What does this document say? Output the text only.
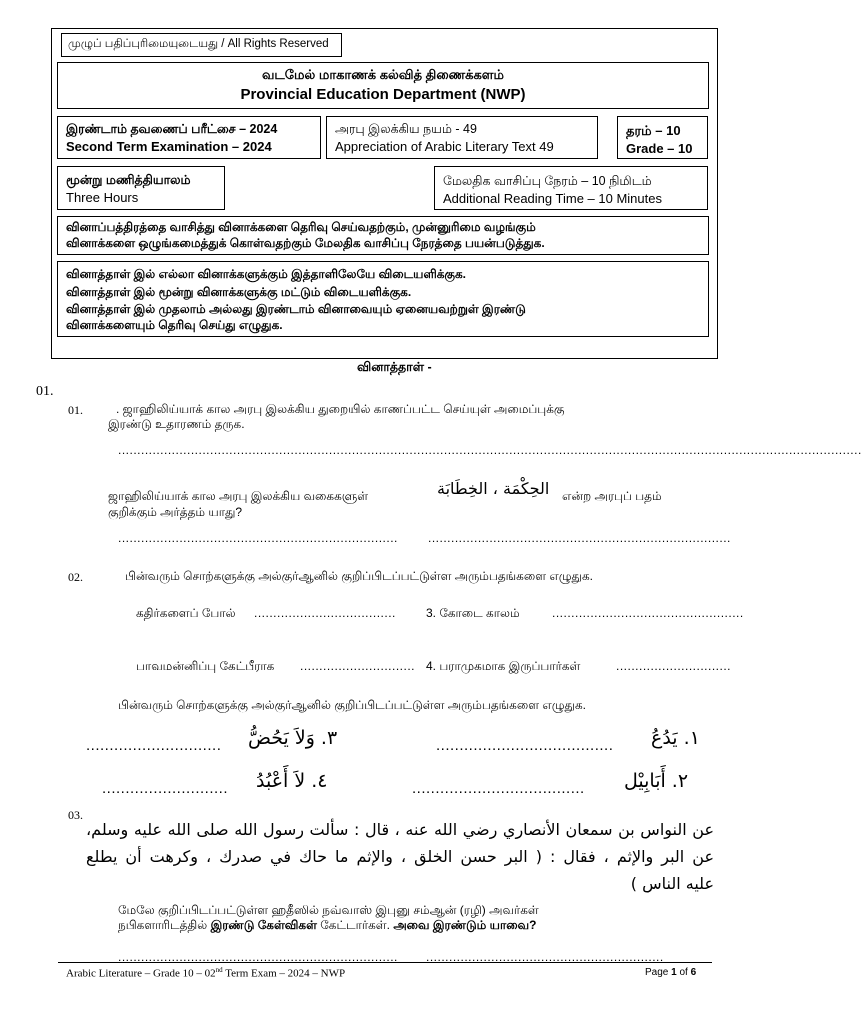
முழுப் பதிப்புரிமையுடையது / All Rights Reserved
வடமேல் மாகாணக் கல்வித் திணைக்களம்
Provincial Education Department (NWP)
இரண்டாம் தவணைப் பரீட்சை – 2024
Second Term Examination – 2024
அரபு இலக்கிய நயம் - 49
Appreciation of Arabic Literary Text 49
தரம் – 10
Grade – 10
மூன்று மணித்தியாலம்
Three Hours
மேலதிக வாசிப்பு நேரம் – 10 நிமிடம்
Additional Reading Time – 10 Minutes
வினாப்பத்திரத்தை வாசித்து வினாக்களை தெரிவு செய்வதற்கும், முன்னுரிமை வழங்கும்
வினாக்களை ஒழுங்கமைத்துக் கொள்வதற்கும் மேலதிக வாசிப்பு நேரத்தை பயன்படுத்துக.
வினாத்தாள் இல் எல்லா வினாக்களுக்கும் இத்தாளிலேயே விடையளிக்குக.
வினாத்தாள் இல் மூன்று வினாக்களுக்கு மட்டும் விடையளிக்குக.
வினாத்தாள் இல் முதலாம் அல்லது இரண்டாம் வினாவையும் ஏனையவற்றுள் இரண்டு
வினாக்களையும் தெரிவு செய்து எழுதுக.
வினாத்தாள் -
01.
01.	. ஜாஹிலிய்யாக் கால அரபு இலக்கிய துறையில் காணப்பட்ட செய்யுள் அமைப்புக்கு
இரண்டு உதாரணம் தருக.
..................................................................................................................................................................................................
ஜாஹிலிய்யாக் கால அரபு இலக்கிய வகைகளுள்	الحِكْمَة ، الخِطَابَة என்ற அரபுப் பதம்
குறிக்கும் அர்த்தம் யாது?
.........................................................................	...............................................................................
02.	பின்வரும் சொற்களுக்கு அல்குர்ஆனில் குறிப்பிடப்பட்டுள்ள அரும்பதங்களை எழுதுக.
கதிர்களைப் போல் .....................................	3. கோடை காலம்	..................................................
பாவமன்னிப்பு கேட்பீராக .............................. 4. பராமுகமாக இருப்பார்கள்	..............................
பின்வரும் சொற்களுக்கு அல்குர்ஆனில் குறிப்பிடப்பட்டுள்ள அரும்பதங்களை எழுதுக.
.............................	٣. وَلاَ يَحُضُّ	......................................	١. يَدُعُ
...........................	٤. لاَ أَعْبُدُ	.....................................	٢. أَبَابِيْل
03.
عن النواس بن سمعان الأنصاري رضي الله عنه ، قال : سألت رسول الله صلى الله عليه وسلم،
عن البر والإثم ، فقال : ( البر حسن الخلق ، والإثم ما حاك في صدرك ، وكرهت أن يطلع
عليه الناس )
மேலே குறிப்பிடப்பட்டுள்ள ஹதீஸில் நவ்வாஸ் இபுனு சம்ஆன் (ரழி) அவர்கள்
நபிகளாரிடத்தில் இரண்டு கேள்விகள் கேட்டார்கள். அவை இரண்டும் யாவை?
......................................................................... ..............................................................
Arabic Literature – Grade 10 – 02nd Term Exam – 2024 – NWP	Page 1 of 6
